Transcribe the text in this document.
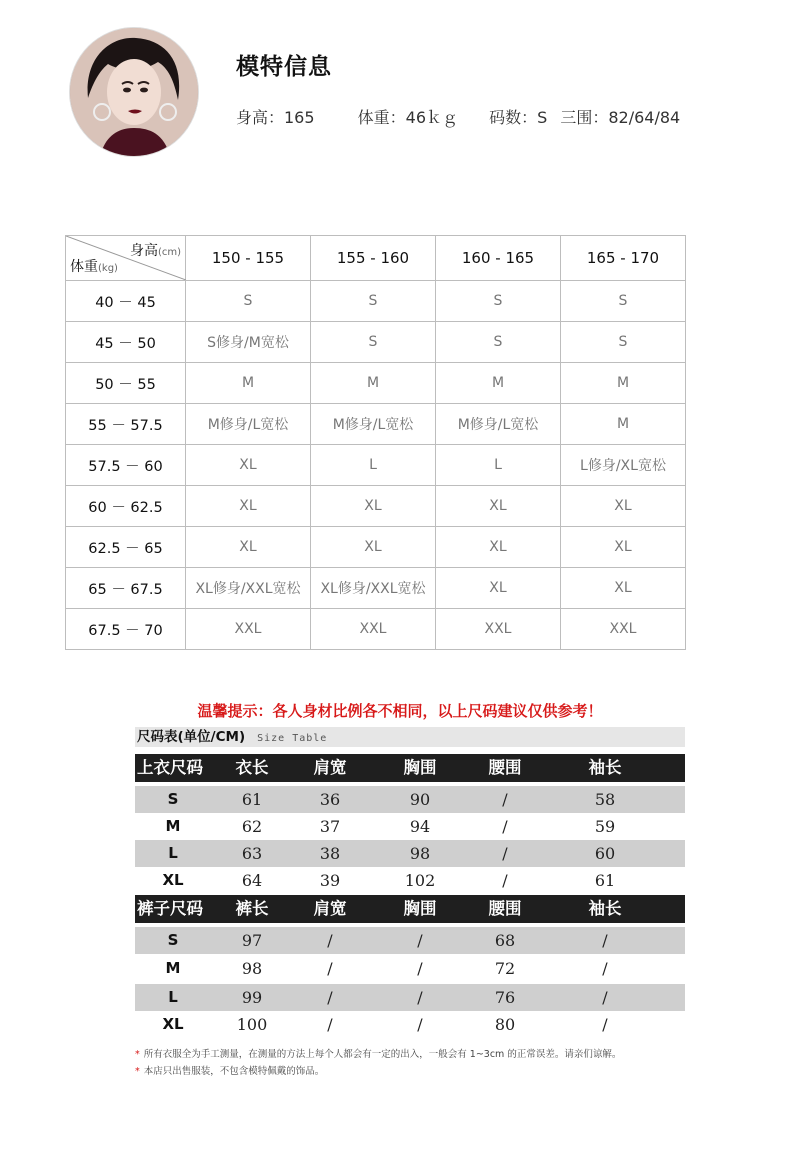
模特信息
身高：165	体重：46ｋｇ 码数：S 三围：82/64/84
身高(cm)
体重(kg)	150 - 155	155 - 160	160 - 165	165 - 170
40 － 45	S	S	S	S
45 － 50	S修身/M宽松	S	S	S
50 － 55	M	M	M	M
55 － 57.5	M修身/L宽松	M修身/L宽松	M修身/L宽松	M
57.5 － 60	XL	L	L	L修身/XL宽松
60 － 62.5	XL	XL	XL	XL
62.5 － 65	XL	XL	XL	XL
65 － 67.5	XL修身/XXL宽松	XL修身/XXL宽松	XL	XL
67.5 － 70	XXL	XXL	XXL	XXL
温馨提示：各人身材比例各不相同，以上尺码建议仅供参考！
尺码表(单位/CM) Size Table
上衣尺码	衣长	肩宽	胸围	腰围	袖长
S	61	36	90	/	58
M	62	37	94	/	59
L	63	38	98	/	60
XL	64	39	102	/	61
裤子尺码	裤长	肩宽	胸围	腰围	袖长
S	97	/	/	68	/
M	98	/	/	72	/
L	99	/	/	76	/
XL	100	/	/	80	/
* 所有衣服全为手工测量，在测量的方法上每个人都会有一定的出入，一般会有 1~3cm 的正常误差。请亲们谅解。
* 本店只出售服装，不包含模特佩戴的饰品。
